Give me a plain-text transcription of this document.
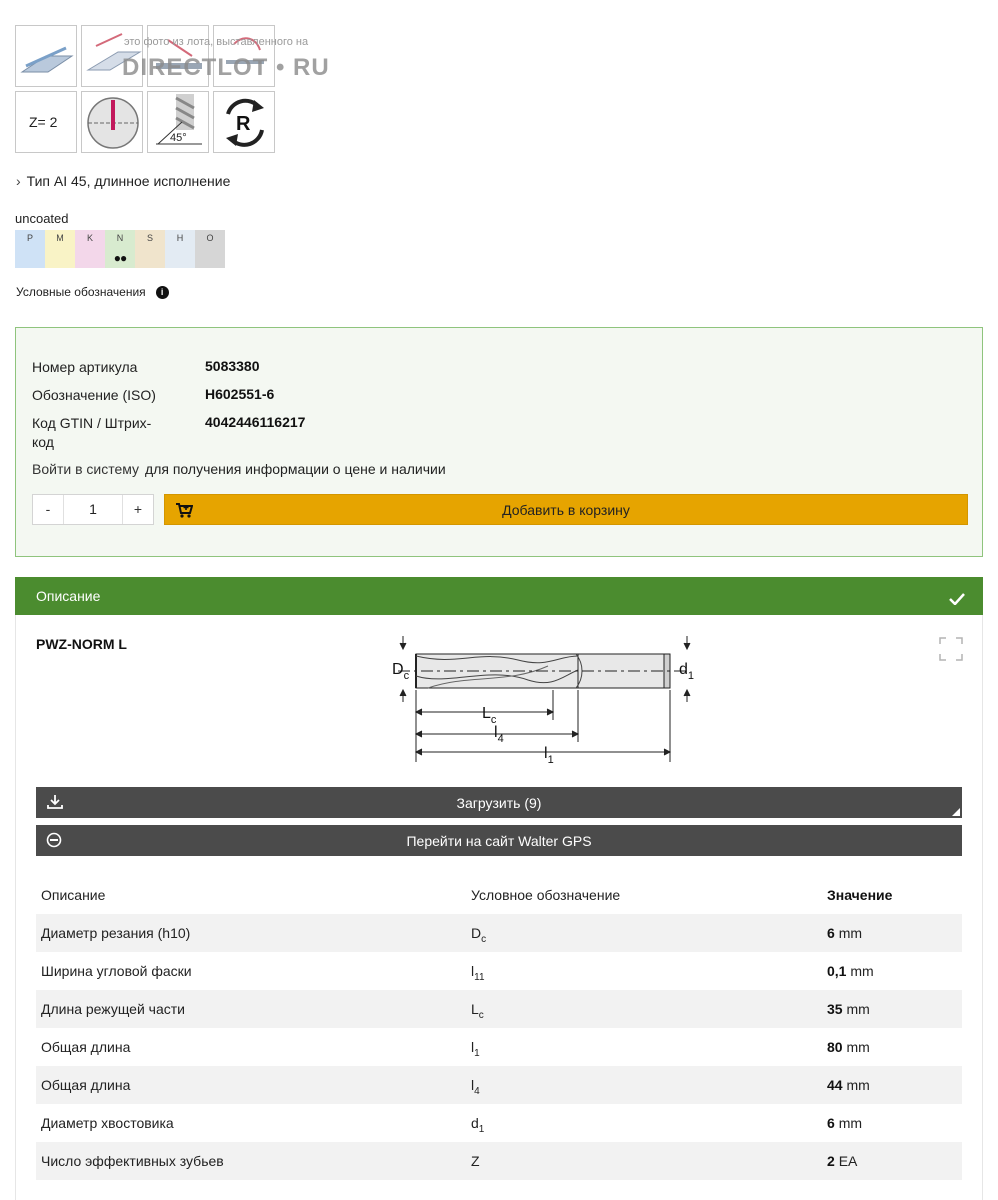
это фото из лота, выставленного на
DIRECTLOT • RU
Z= 2
45°
R
› Тип AI 45, длинное исполнение
uncoated
P	M	K	N
●●
S	H	O
Условные обозначения	i
Номер артикула	5083380
Обозначение (ISO)	H602551-6
Код GTIN / Штрих-код
4042446116217
Войти в систему для получения информации о цене и наличии
-	1	+	Добавить в корзину
Описание
PWZ-NORM L
$D_c$	$d_1$
$L_c$
$l_4$
$l_1$
Загрузить (9)
Перейти на сайт Walter GPS
Описание	Условное обозначение	Значение
Диаметр резания (h10)	$D_c$	6 mm
Ширина угловой фаски	$l_{11}$	0,1 mm
Длина режущей части	$L_c$	35 mm
Общая длина	$l_1$	80 mm
Общая длина	$l_4$	44 mm
Диаметр хвостовика	$d_1$	6 mm
Число эффективных зубьев	Z	2 EA
